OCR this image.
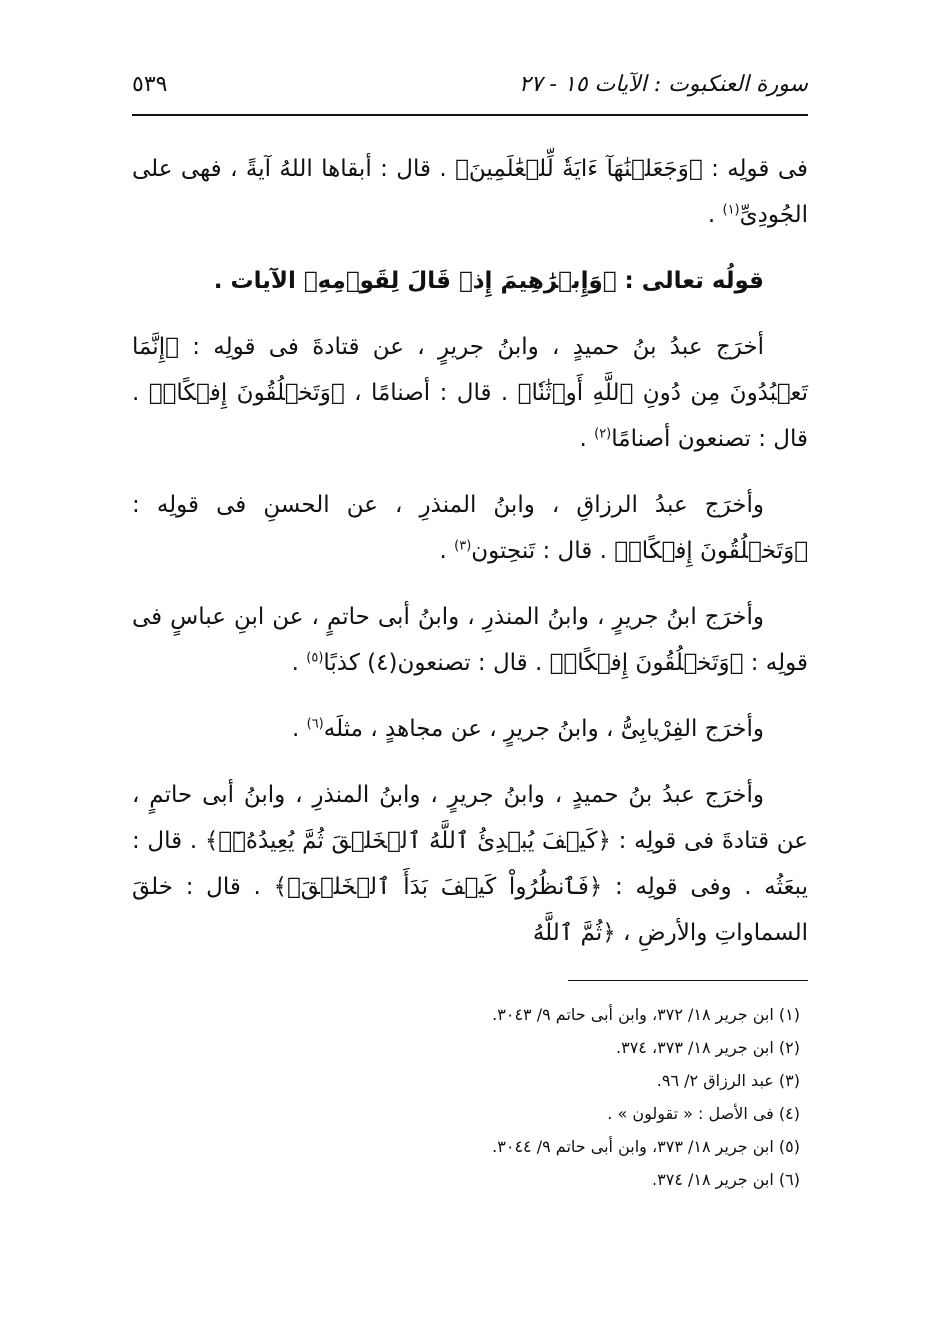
سورة العنكبوت : الآيات ١٥ - ٢٧
٥٣٩

فى قولِه : ﴿وَجَعَلۡنَٰهَآ ءَايَةٗ لِّلۡعَٰلَمِينَ﴾ . قال : أبقاها اللهُ آيةً ، فهى على الجُودِىِّ$^{(١)}$ .

قولُه تعالى : ﴿وَإِبۡرَٰهِيمَ إِذۡ قَالَ لِقَوۡمِهِ﴾ الآيات .

أخرَج عبدُ بنُ حميدٍ ، وابنُ جريرٍ ، عن قتادةَ فى قولِه : ﴿إِنَّمَا تَعۡبُدُونَ مِن دُونِ ٱللَّهِ أَوۡثَٰنٗا﴾ . قال : أصنامًا ، ﴿وَتَخۡلُقُونَ إِفۡكًاۚ﴾ . قال : تصنعون أصنامًا$^{(٢)}$ .

وأخرَج عبدُ الرزاقِ ، وابنُ المنذرِ ، عن الحسنِ فى قولِه : ﴿وَتَخۡلُقُونَ إِفۡكًاۚ﴾ . قال : تَنحِتون$^{(٣)}$ .

وأخرَج ابنُ جريرٍ ، وابنُ المنذرِ ، وابنُ أبى حاتمٍ ، عن ابنِ عباسٍ فى قولِه : ﴿وَتَخۡلُقُونَ إِفۡكًاۚ﴾ . قال : تصنعون(٤) كذبًا$^{(٥)}$ .

وأخرَج الفِرْيابِىُّ ، وابنُ جريرٍ ، عن مجاهدٍ ، مثلَه$^{(٦)}$ .

وأخرَج عبدُ بنُ حميدٍ ، وابنُ جريرٍ ، وابنُ المنذرِ ، وابنُ أبى حاتمٍ ، عن قتادةَ فى قولِه : ﴿كَيۡفَ يُبۡدِئُ ٱللَّهُ ٱلۡخَلۡقَ ثُمَّ يُعِيدُهُۥٓۚ﴾ . قال : يبعَثُه . وفى قولِه : ﴿فَٱنظُرُواْ كَيۡفَ بَدَأَ ٱلۡخَلۡقَۚ﴾ . قال : خلقَ السماواتِ والأرضِ ، ﴿ثُمَّ ٱللَّهُ

(١) ابن جرير ١٨/ ٣٧٢، وابن أبى حاتم ٩/ ٣٠٤٣.

(٢) ابن جرير ١٨/ ٣٧٣، ٣٧٤.

(٣) عبد الرزاق ٢/ ٩٦.

(٤) فى الأصل : « تقولون » .

(٥) ابن جرير ١٨/ ٣٧٣، وابن أبى حاتم ٩/ ٣٠٤٤.

(٦) ابن جرير ١٨/ ٣٧٤.
